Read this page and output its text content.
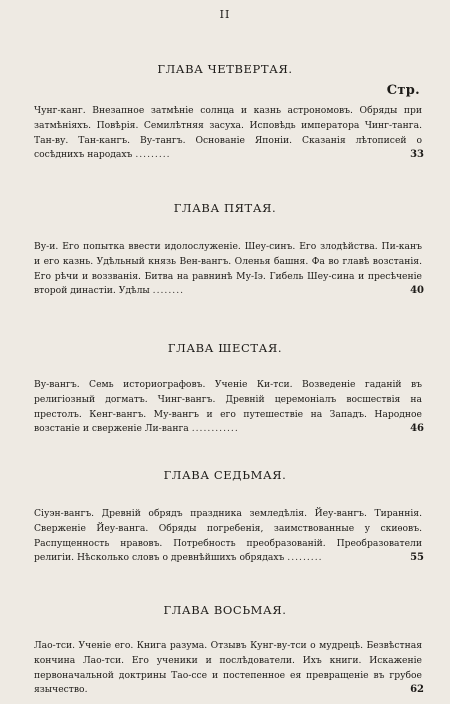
II
ГЛАВА ЧЕТВЕРТАЯ.
Стр.
Чунг-канг. Внезапное затмѣніе солнца и казнь астрономовъ. Обряды при затмѣніяхъ. Повѣрія. Семилѣтняя засуха. Исповѣдь императора Чинг-танга. Тан-ву. Тан-кангъ. Ву-тангъ. Основаніе Японіи. Сказанія лѣтописей о сосѣднихъ народахъ .........	33
ГЛАВА ПЯТАЯ.
Ву-и. Его попытка ввести идолослуженіе. Шеу-синъ. Его злодѣйства. Пи-канъ и его казнь. Удѣльный князь Вен-вангъ. Оленья башня. Фа во главѣ возстанія. Его рѣчи и воззванія. Битва на равнинѣ Му-Іэ. Гибель Шеу-сина и пресѣченіе второй династіи. Удѣлы ........	40
ГЛАВА ШЕСТАЯ.
Ву-вангъ. Семь историографовъ. Ученіе Ки-тси. Возведеніе гаданій въ религіозный догматъ. Чинг-вангъ. Древній церемоніалъ восшествія на престолъ. Кенг-вангъ. Му-вангъ и его путешествіе на Западъ. Народное возстаніе и сверженіе Ли-ванга ............	46
ГЛАВА СЕДЬМАЯ.
Сіуэн-вангъ. Древній обрядъ праздника земледѣлія. Йеу-вангъ. Тираннія. Сверженіе Йеу-ванга. Обряды погребенія, заимствованные у скиѳовъ. Распущенность нравовъ. Потребность преобразованій. Преобразователи религіи. Нѣсколько словъ о древнѣйшихъ обрядахъ .........	55
ГЛАВА ВОСЬМАЯ.
Лао-тси. Ученіе его. Книга разума. Отзывъ Кунг-ву-тси о мудрецѣ. Безвѣстная кончина Лао-тси. Его ученики и послѣдователи. Ихъ книги. Искаженіе первоначальной доктрины Тао-ссе и постепенное ея превращеніе въ грубое язычество.	62
